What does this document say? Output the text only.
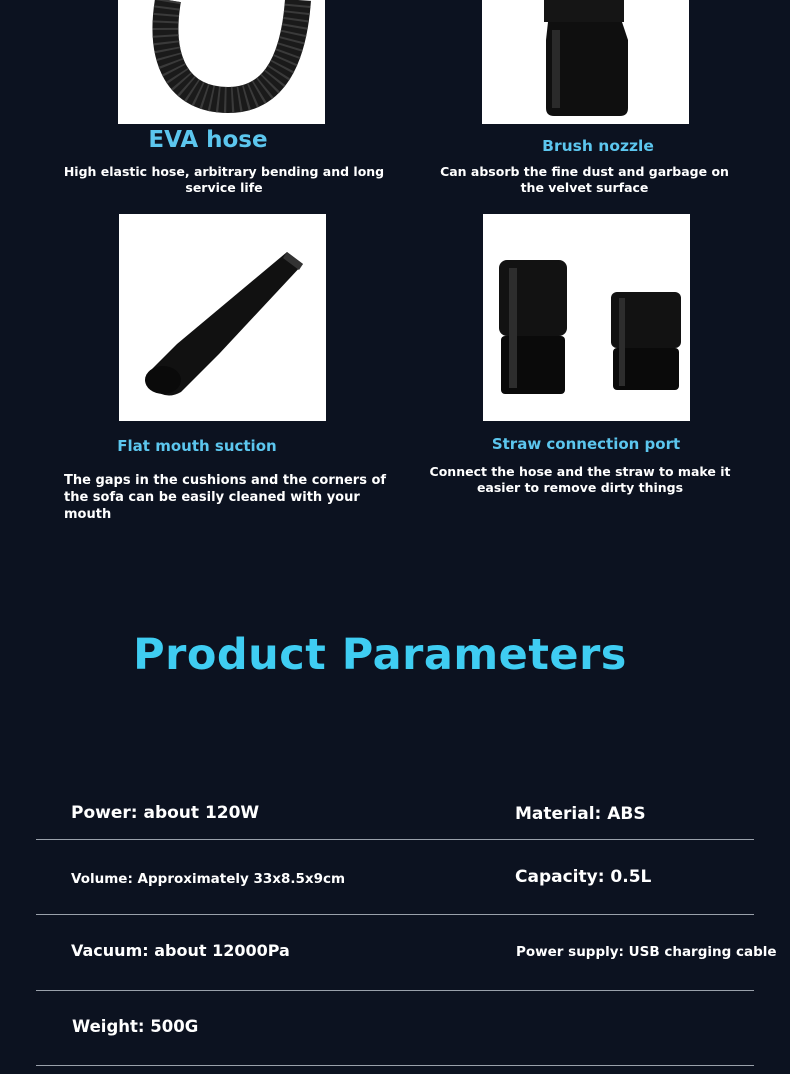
EVA hose
High elastic hose, arbitrary bending and long service life
Brush nozzle
Can absorb the fine dust and garbage on the velvet surface
Flat mouth suction
The gaps in the cushions and the corners of the sofa can be easily cleaned with your mouth
Straw connection port
Connect the hose and the straw to make it easier to remove dirty things
Product Parameters
Power: about 120W	Material: ABS
Volume: Approximately 33x8.5x9cm	Capacity: 0.5L
Vacuum: about 12000Pa	Power supply: USB charging cable
Weight: 500G
